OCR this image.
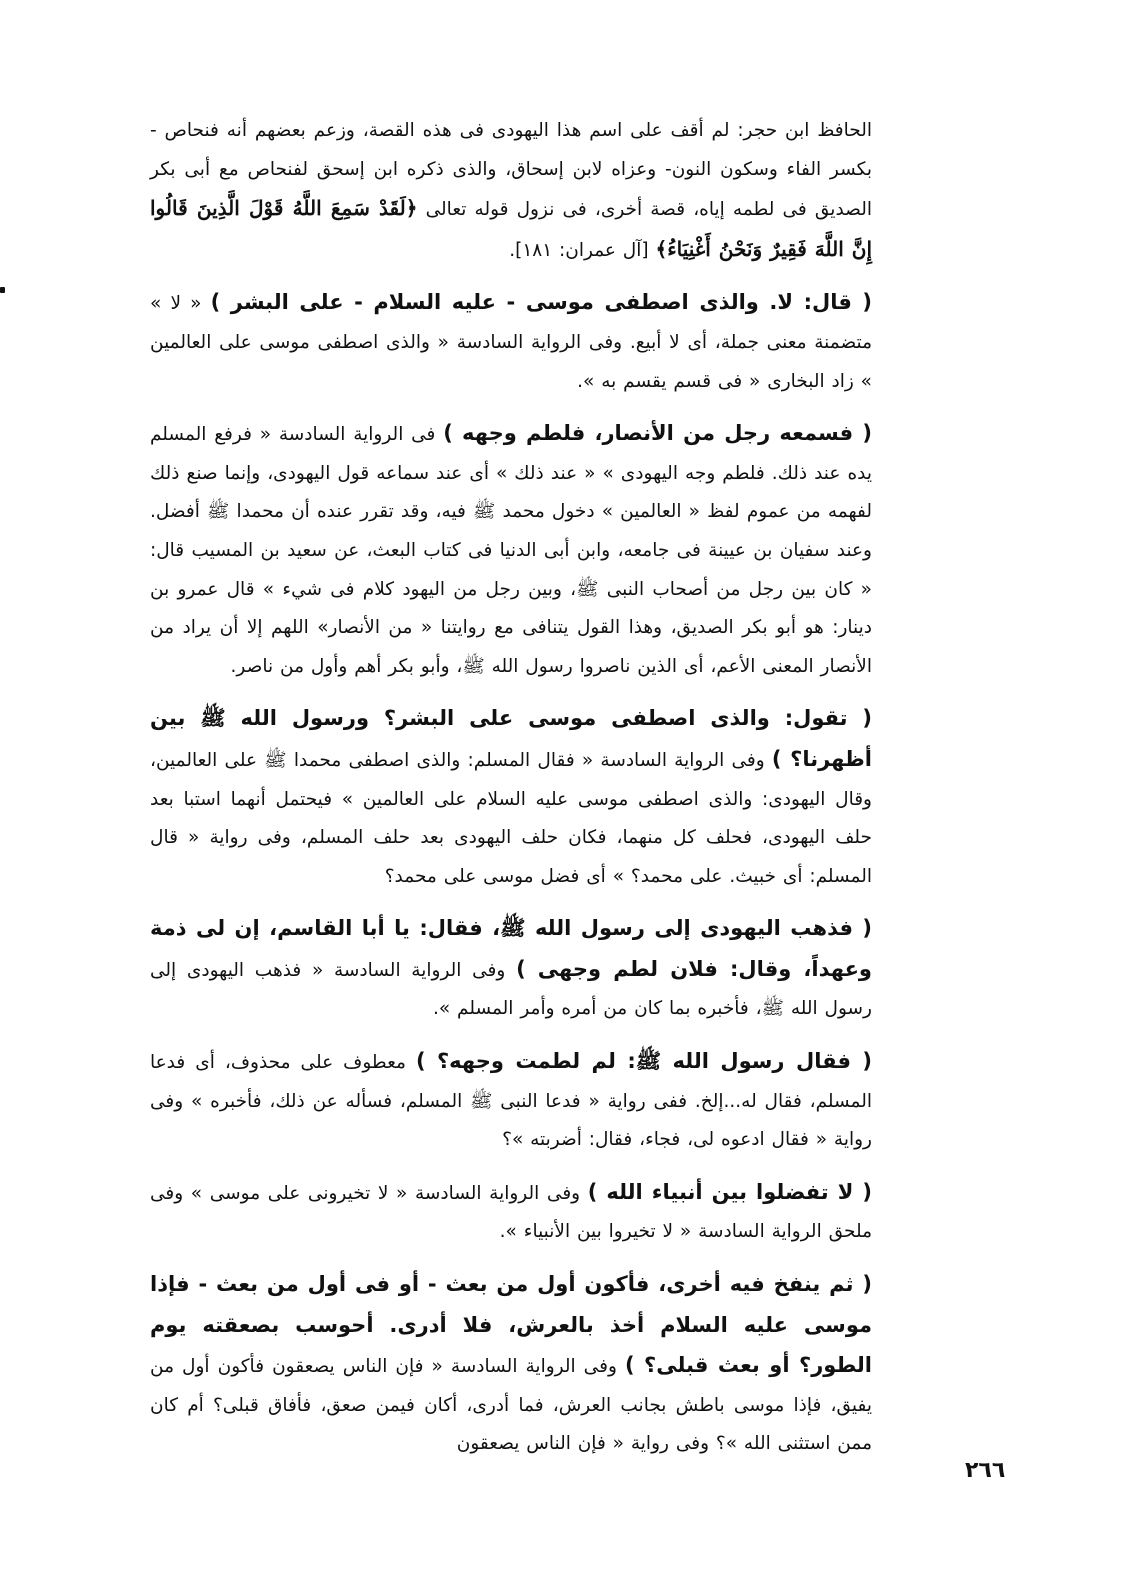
الحافظ ابن حجر: لم أقف على اسم هذا اليهودى فى هذه القصة، وزعم بعضهم أنه فنحاص - بكسر الفاء وسكون النون- وعزاه لابن إسحاق، والذى ذكره ابن إسحق لفنحاص مع أبى بكر الصديق فى لطمه إياه، قصة أخرى، فى نزول قوله تعالى ﴿لَقَدْ سَمِعَ اللَّهُ قَوْلَ الَّذِينَ قَالُوا إِنَّ اللَّهَ فَقِيرٌ وَنَحْنُ أَغْنِيَاءُ﴾ [آل عمران: ١٨١].

( قال: لا. والذى اصطفى موسى - عليه السلام - على البشر ) « لا » متضمنة معنى جملة، أى لا أبيع. وفى الرواية السادسة « والذى اصطفى موسى على العالمين » زاد البخارى « فى قسم يقسم به ».

( فسمعه رجل من الأنصار، فلطم وجهه ) فى الرواية السادسة « فرفع المسلم يده عند ذلك. فلطم وجه اليهودى » « عند ذلك » أى عند سماعه قول اليهودى، وإنما صنع ذلك لفهمه من عموم لفظ « العالمين » دخول محمد ﷺ فيه، وقد تقرر عنده أن محمدا ﷺ أفضل. وعند سفيان بن عيينة فى جامعه، وابن أبى الدنيا فى كتاب البعث، عن سعيد بن المسيب قال: « كان بين رجل من أصحاب النبى ﷺ، وبين رجل من اليهود كلام فى شيء » قال عمرو بن دينار: هو أبو بكر الصديق، وهذا القول يتنافى مع روايتنا « من الأنصار» اللهم إلا أن يراد من الأنصار المعنى الأعم، أى الذين ناصروا رسول الله ﷺ، وأبو بكر أهم وأول من ناصر.

( تقول: والذى اصطفى موسى على البشر؟ ورسول الله ﷺ بين أظهرنا؟ ) وفى الرواية السادسة « فقال المسلم: والذى اصطفى محمدا ﷺ على العالمين، وقال اليهودى: والذى اصطفى موسى عليه السلام على العالمين » فيحتمل أنهما استبا بعد حلف اليهودى، فحلف كل منهما، فكان حلف اليهودى بعد حلف المسلم، وفى رواية « قال المسلم: أى خبيث. على محمد؟ » أى فضل موسى على محمد؟

( فذهب اليهودى إلى رسول الله ﷺ، فقال: يا أبا القاسم، إن لى ذمة وعهداً، وقال: فلان لطم وجهى ) وفى الرواية السادسة « فذهب اليهودى إلى رسول الله ﷺ، فأخبره بما كان من أمره وأمر المسلم ».

( فقال رسول الله ﷺ: لم لطمت وجهه؟ ) معطوف على محذوف، أى فدعا المسلم، فقال له...إلخ. ففى رواية « فدعا النبى ﷺ المسلم، فسأله عن ذلك، فأخبره » وفى رواية « فقال ادعوه لى، فجاء، فقال: أضربته »؟

( لا تفضلوا بين أنبياء الله ) وفى الرواية السادسة « لا تخيرونى على موسى » وفى ملحق الرواية السادسة « لا تخيروا بين الأنبياء ».

( ثم ينفخ فيه أخرى، فأكون أول من بعث - أو فى أول من بعث - فإذا موسى عليه السلام أخذ بالعرش، فلا أدرى. أحوسب بصعقته يوم الطور؟ أو بعث قبلى؟ ) وفى الرواية السادسة « فإن الناس يصعقون فأكون أول من يفيق، فإذا موسى باطش بجانب العرش، فما أدرى، أكان فيمن صعق، فأفاق قبلى؟ أم كان ممن استثنى الله »؟ وفى رواية « فإن الناس يصعقون

٢٦٦
